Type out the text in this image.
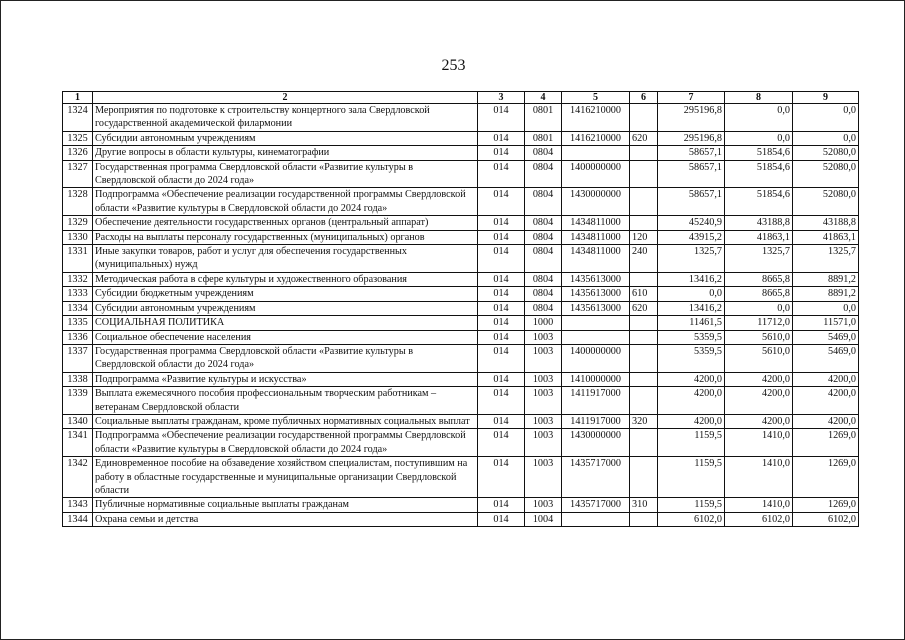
253
1	2	3	4	5	6	7	8	9
1324	Мероприятия по подготовке к строительству концертного зала Свердловской государственной академической филармонии	014	0801	1416210000		295196,8	0,0	0,0
1325	Субсидии автономным учреждениям	014	0801	1416210000	620	295196,8	0,0	0,0
1326	Другие вопросы в области культуры, кинематографии	014	0804			58657,1	51854,6	52080,0
1327	Государственная программа Свердловской области «Развитие культуры в Свердловской области до 2024 года»	014	0804	1400000000		58657,1	51854,6	52080,0
1328	Подпрограмма «Обеспечение реализации государственной программы Свердловской области «Развитие культуры в Свердловской области до 2024 года»	014	0804	1430000000		58657,1	51854,6	52080,0
1329	Обеспечение деятельности государственных органов (центральный аппарат)	014	0804	1434811000		45240,9	43188,8	43188,8
1330	Расходы на выплаты персоналу государственных (муниципальных) органов	014	0804	1434811000	120	43915,2	41863,1	41863,1
1331	Иные закупки товаров, работ и услуг для обеспечения государственных (муниципальных) нужд	014	0804	1434811000	240	1325,7	1325,7	1325,7
1332	Методическая работа в сфере культуры и художественного образования	014	0804	1435613000		13416,2	8665,8	8891,2
1333	Субсидии бюджетным учреждениям	014	0804	1435613000	610	0,0	8665,8	8891,2
1334	Субсидии автономным учреждениям	014	0804	1435613000	620	13416,2	0,0	0,0
1335	СОЦИАЛЬНАЯ ПОЛИТИКА	014	1000			11461,5	11712,0	11571,0
1336	Социальное обеспечение населения	014	1003			5359,5	5610,0	5469,0
1337	Государственная программа Свердловской области «Развитие культуры в Свердловской области до 2024 года»	014	1003	1400000000		5359,5	5610,0	5469,0
1338	Подпрограмма «Развитие культуры и искусства»	014	1003	1410000000		4200,0	4200,0	4200,0
1339	Выплата ежемесячного пособия профессиональным творческим работникам – ветеранам Свердловской области	014	1003	1411917000		4200,0	4200,0	4200,0
1340	Социальные выплаты гражданам, кроме публичных нормативных социальных выплат	014	1003	1411917000	320	4200,0	4200,0	4200,0
1341	Подпрограмма «Обеспечение реализации государственной программы Свердловской области «Развитие культуры в Свердловской области до 2024 года»	014	1003	1430000000		1159,5	1410,0	1269,0
1342	Единовременное пособие на обзаведение хозяйством специалистам, поступившим на работу в областные государственные и муниципальные организации Свердловской области	014	1003	1435717000		1159,5	1410,0	1269,0
1343	Публичные нормативные социальные выплаты гражданам	014	1003	1435717000	310	1159,5	1410,0	1269,0
1344	Охрана семьи и детства	014	1004			6102,0	6102,0	6102,0
